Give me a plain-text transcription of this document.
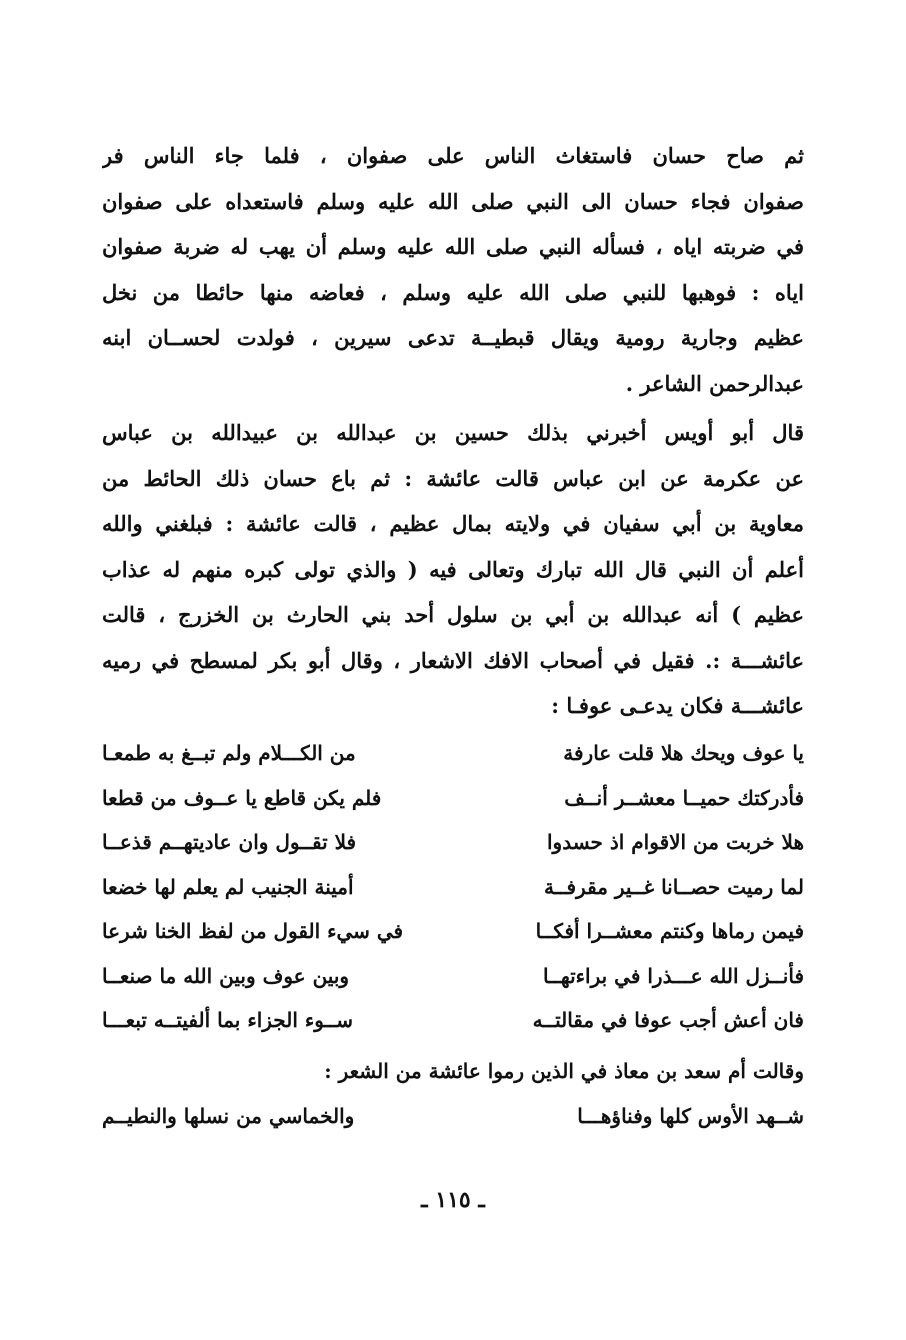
ثم صاح حسان فاستغاث الناس على صفوان ، فلما جاء الناس فر
صفوان فجاء حسان الى النبي صلى الله عليه وسلم فاستعداه على صفوان
في ضربته اياه ، فسأله النبي صلى الله عليه وسلم أن يهب له ضربة صفوان
اياه : فوهبها للنبي صلى الله عليه وسلم ، فعاضه منها حائطا من نخل
عظيم وجارية رومية ويقال قبطيــة تدعى سيرين ، فولدت لحســان ابنه
عبدالرحمن الشاعر .
قال أبو أويس أخبرني بذلك حسين بن عبدالله بن عبيدالله بن عباس
عن عكرمة عن ابن عباس قالت عائشة : ثم باع حسان ذلك الحائط من
معاوية بن أبي سفيان في ولايته بمال عظيم ، قالت عائشة : فبلغني والله
أعلم أن النبي قال الله تبارك وتعالى فيه ( والذي تولى كبره منهم له عذاب
عظيم ) أنه عبدالله بن أبي بن سلول أحد بني الحارث بن الخزرج ، قالت
عائشـــة :. فقيل في أصحاب الافك الاشعار ، وقال أبو بكر لمسطح في رميه
عائشـــة فكان يدعـى عوفـا :
يا عوف ويحك هلا قلت عارفة
من الكـــلام ولم تبــغ به طمعـا
فأدركتك حميــا معشــر أنــف
فلم يكن قاطع يا عــوف من قطعا
هلا خربت من الاقوام اذ حسدوا
فلا تقــول وان عاديتهــم قذعــا
لما رميت حصــانا غــير مقرفــة
أمينة الجنيب لم يعلم لها خضعا
فيمن رماها وكنتم معشــرا أفكــا
في سيء القول من لفظ الخنا شرعا
فأنــزل الله عـــذرا في براءتهــا
وبين عوف وبين الله ما صنعــا
فان أعش أجب عوفا في مقالتــه
ســوء الجزاء بما ألفيتــه تبعـــا
وقالت أم سعد بن معاذ في الذين رموا عائشة من الشعر :
شــهد الأوس كلها وفناؤهـــا
والخماسي من نسلها والنطيــم
ـ ١١٥ ـ
